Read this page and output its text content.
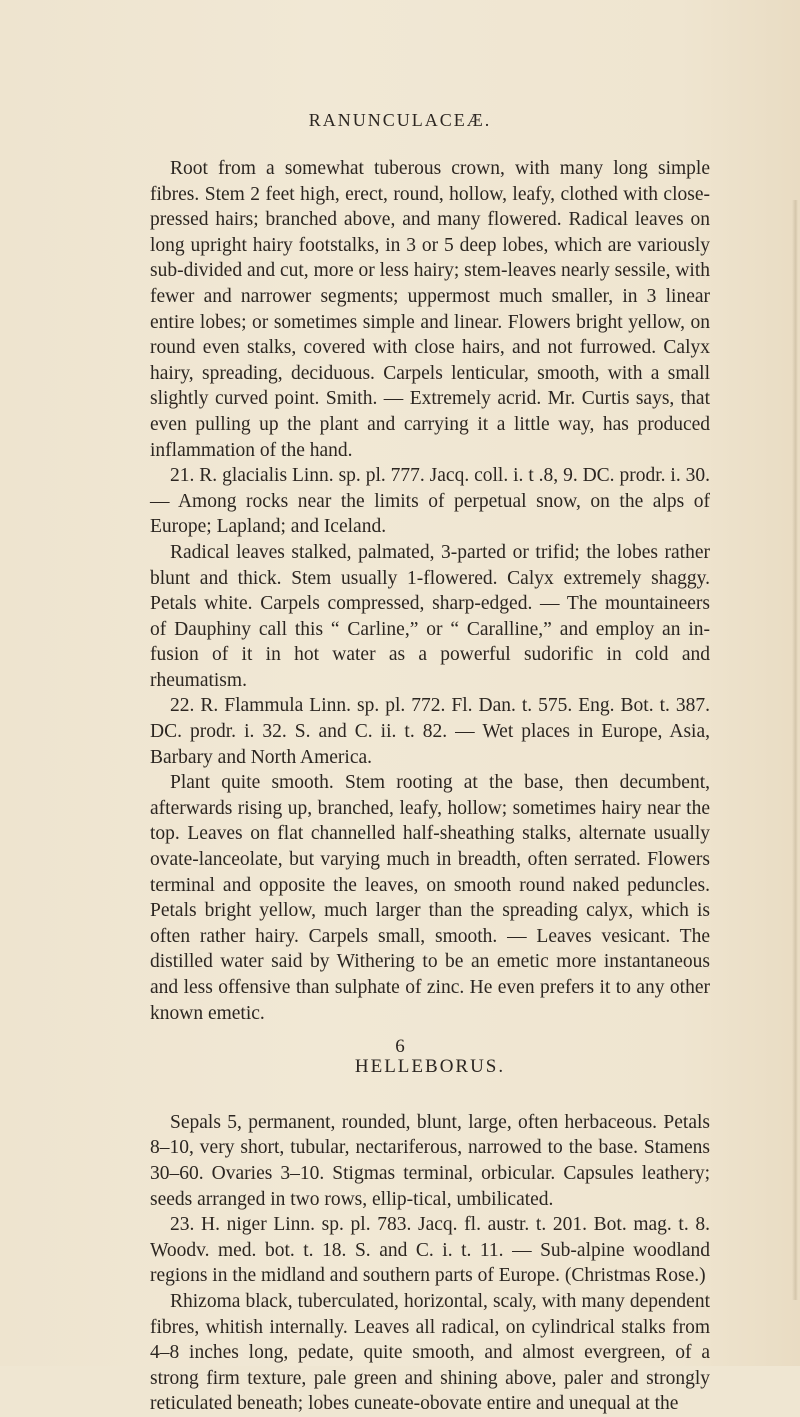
RANUNCULACEÆ.

Root from a somewhat tuberous crown, with many long simple fibres. Stem 2 feet high, erect, round, hollow, leafy, clothed with close-pressed hairs; branched above, and many flowered. Radical leaves on long upright hairy footstalks, in 3 or 5 deep lobes, which are variously sub-divided and cut, more or less hairy; stem-leaves nearly sessile, with fewer and narrower segments; uppermost much smaller, in 3 linear entire lobes; or sometimes simple and linear. Flowers bright yellow, on round even stalks, covered with close hairs, and not furrowed. Calyx hairy, spreading, deciduous. Carpels lenticular, smooth, with a small slightly curved point. Smith. — Extremely acrid. Mr. Curtis says, that even pulling up the plant and carrying it a little way, has produced inflammation of the hand.

21. R. glacialis Linn. sp. pl. 777. Jacq. coll. i. t .8, 9. DC. prodr. i. 30. — Among rocks near the limits of perpetual snow, on the alps of Europe; Lapland; and Iceland.

Radical leaves stalked, palmated, 3-parted or trifid; the lobes rather blunt and thick. Stem usually 1-flowered. Calyx extremely shaggy. Petals white. Carpels compressed, sharp-edged. — The mountaineers of Dauphiny call this “ Carline,” or “ Caralline,” and employ an in-fusion of it in hot water as a powerful sudorific in cold and rheumatism.

22. R. Flammula Linn. sp. pl. 772. Fl. Dan. t. 575. Eng. Bot. t. 387. DC. prodr. i. 32. S. and C. ii. t. 82. — Wet places in Europe, Asia, Barbary and North America.

Plant quite smooth. Stem rooting at the base, then decumbent, afterwards rising up, branched, leafy, hollow; sometimes hairy near the top. Leaves on flat channelled half-sheathing stalks, alternate usually ovate-lanceolate, but varying much in breadth, often serrated. Flowers terminal and opposite the leaves, on smooth round naked peduncles. Petals bright yellow, much larger than the spreading calyx, which is often rather hairy. Carpels small, smooth. — Leaves vesicant. The distilled water said by Withering to be an emetic more instantaneous and less offensive than sulphate of zinc. He even prefers it to any other known emetic.

HELLEBORUS.

Sepals 5, permanent, rounded, blunt, large, often herbaceous. Petals 8–10, very short, tubular, nectariferous, narrowed to the base. Stamens 30–60. Ovaries 3–10. Stigmas terminal, orbicular. Capsules leathery; seeds arranged in two rows, ellip-tical, umbilicated.

23. H. niger Linn. sp. pl. 783. Jacq. fl. austr. t. 201. Bot. mag. t. 8. Woodv. med. bot. t. 18. S. and C. i. t. 11. — Sub-alpine woodland regions in the midland and southern parts of Europe. (Christmas Rose.)

Rhizoma black, tuberculated, horizontal, scaly, with many dependent fibres, whitish internally. Leaves all radical, on cylindrical stalks from 4–8 inches long, pedate, quite smooth, and almost evergreen, of a strong firm texture, pale green and shining above, paler and strongly reticulated beneath; lobes cuneate-obovate entire and unequal at the

6
